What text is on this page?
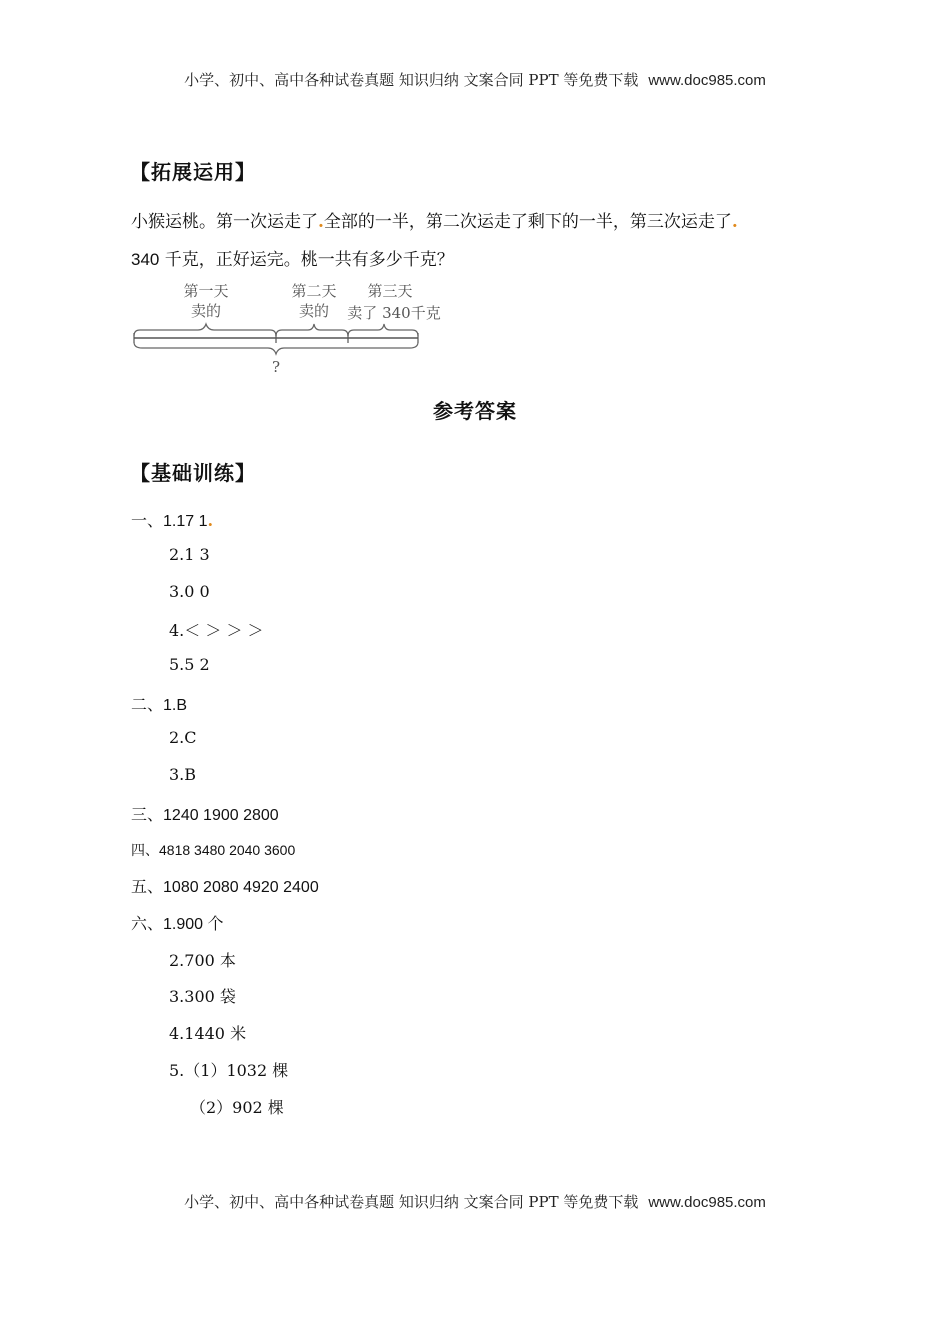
小学、初中、高中各种试卷真题 知识归纳 文案合同 PPT 等免费下载 www.doc985.com
【拓展运用】
小猴运桃。第一次运走了.全部的一半，第二次运走了剩下的一半，第三次运走了.
340 千克，正好运完。桃一共有多少千克？
第一天
卖的
第二天
卖的
第三天
卖了 340千克
?
参考答案
【基础训练】
一、1.17 1.
2.1 3
3.0 0
4.＜ ＞ ＞ ＞
5.5 2
二、1.B
2.C
3.B
三、1240 1900 2800
四、4818 3480 2040 3600
五、1080 2080 4920 2400
六、1.900 个
2.700 本
3.300 袋
4.1440 米
5.（1）1032 棵
（2）902 棵
小学、初中、高中各种试卷真题 知识归纳 文案合同 PPT 等免费下载 www.doc985.com
